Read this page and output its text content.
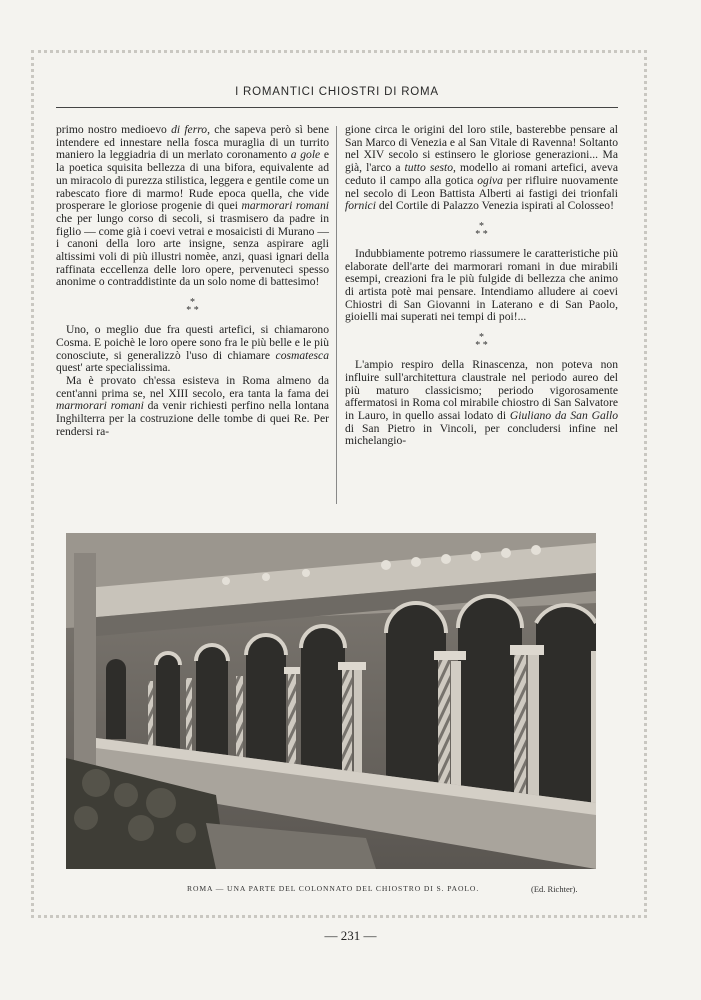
I ROMANTICI CHIOSTRI DI ROMA

primo nostro medioevo di ferro, che sapeva però sì bene intendere ed innestare nella fosca muraglia di un turrito maniero la leggiadria di un merlato coronamento a gole e la poetica squisita bellezza di una bifora, equivalente ad un miracolo di purezza stilistica, leggera e gentile come un rabescato fiore di marmo! Rude epoca quella, che vide prosperare le gloriose progenie di quei marmorari romani che per lungo corso di secoli, si trasmisero da padre in figlio — come già i coevi vetrai e mosaicisti di Murano — i canoni della loro arte insigne, senza aspirare agli altissimi voli di più illustri nomèe, anzi, quasi ignari della raffinata eccellenza delle loro opere, pervenuteci spesso anonime o contraddistinte da un solo nome di battesimo!

*
* *

Uno, o meglio due fra questi artefici, si chiamarono Cosma. E poichè le loro opere sono fra le più belle e le più conosciute, si generalizzò l'uso di chiamare cosmatesca quest' arte specialissima.

Ma è provato ch'essa esisteva in Roma almeno da cent'anni prima se, nel XIII secolo, era tanta la fama dei marmorari romani da venir richiesti perfino nella lontana Inghilterra per la costruzione delle tombe di quei Re. Per rendersi ra-

gione circa le origini del loro stile, basterebbe pensare al San Marco di Venezia e al San Vitale di Ravenna! Soltanto nel XIV secolo si estinsero le gloriose generazioni... Ma già, l'arco a tutto sesto, modello ai romani artefici, aveva ceduto il campo alla gotica ogiva per rifluire nuovamente nel secolo di Leon Battista Alberti ai fastigi dei trionfali fornici del Cortile di Palazzo Venezia ispirati al Colosseo!

*
* *

Indubbiamente potremo riassumere le caratteristiche più elaborate dell'arte dei marmorari romani in due mirabili esempi, creazioni fra le più fulgide di bellezza che animo di artista potè mai pensare. Intendiamo alludere ai coevi Chiostri di San Giovanni in Laterano e di San Paolo, gioielli mai superati nei tempi di poi!...

*
* *

L'ampio respiro della Rinascenza, non poteva non influire sull'architettura claustrale nel periodo aureo del più maturo classicismo; periodo vigorosamente affermatosi in Roma col mirabile chiostro di San Salvatore in Lauro, in quello assai lodato di Giuliano da San Gallo di San Pietro in Vincoli, per concludersi infine nel michelangio-

ROMA — UNA PARTE DEL COLONNATO DEL CHIOSTRO DI S. PAOLO.	(Ed. Richter).
— 231 —
